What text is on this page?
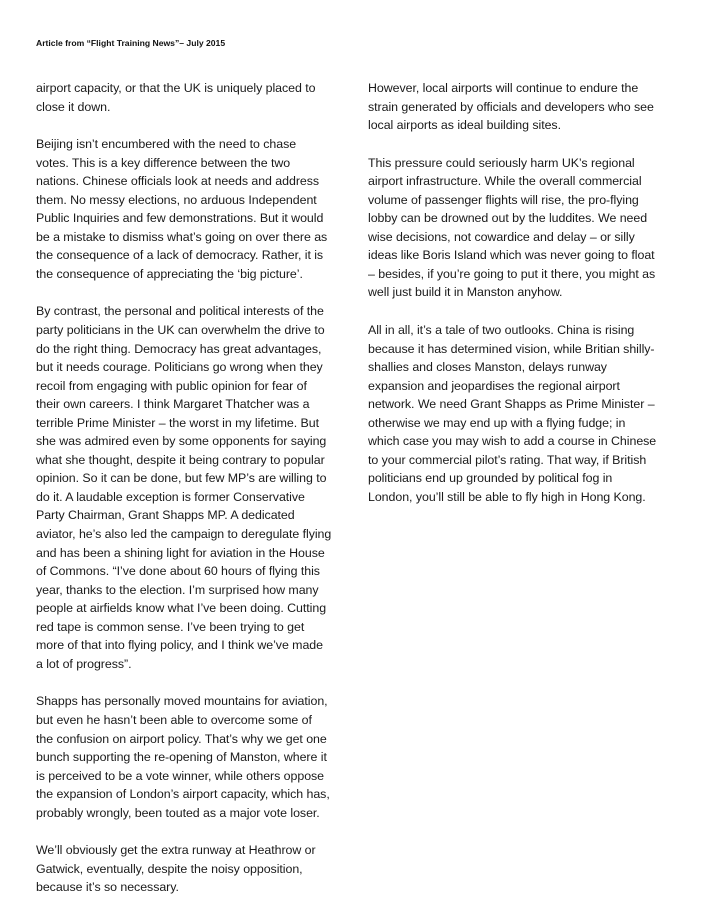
Article from “Flight Training News”– July 2015

airport capacity, or that the UK is uniquely placed to close it down.

Beijing isn’t encumbered with the need to chase votes. This is a key difference between the two nations. Chinese officials look at needs and address them. No messy elections, no arduous Independent Public Inquiries and few demonstrations. But it would be a mistake to dismiss what’s going on over there as the consequence of a lack of democracy. Rather, it is the consequence of appreciating the ‘big picture’.

By contrast, the personal and political interests of the party politicians in the UK can overwhelm the drive to do the right thing. Democracy has great advantages, but it needs courage. Politicians go wrong when they recoil from engaging with public opinion for fear of their own careers. I think Margaret Thatcher was a terrible Prime Minister – the worst in my lifetime. But she was admired even by some opponents for saying what she thought, despite it being contrary to popular opinion. So it can be done, but few MP’s are willing to do it. A laudable exception is former Conservative Party Chairman, Grant Shapps MP. A dedicated aviator, he’s also led the campaign to deregulate flying and has been a shining light for aviation in the House of Commons. “I’ve done about 60 hours of flying this year, thanks to the election. I’m surprised how many people at airfields know what I’ve been doing. Cutting red tape is common sense. I’ve been trying to get more of that into flying policy, and I think we’ve made a lot of progress”.

Shapps has personally moved mountains for aviation, but even he hasn’t been able to overcome some of the confusion on airport policy. That’s why we get one bunch supporting the re-opening of Manston, where it is perceived to be a vote winner, while others oppose the expansion of London’s airport capacity, which has, probably wrongly, been touted as a major vote loser.

We’ll obviously get the extra runway at Heathrow or Gatwick, eventually, despite the noisy opposition, because it’s so necessary.

However, local airports will continue to endure the strain generated by officials and developers who see local airports as ideal building sites.

This pressure could seriously harm UK’s regional airport infrastructure. While the overall commercial volume of passenger flights will rise, the pro-flying lobby can be drowned out by the luddites. We need wise decisions, not cowardice and delay – or silly ideas like Boris Island which was never going to float – besides, if you’re going to put it there, you might as well just build it in Manston anyhow.

All in all, it’s a tale of two outlooks. China is rising because it has determined vision, while Britian shilly-shallies and closes Manston, delays runway expansion and jeopardises the regional airport network. We need Grant Shapps as Prime Minister – otherwise we may end up with a flying fudge; in which case you may wish to add a course in Chinese to your commercial pilot’s rating. That way, if British politicians end up grounded by political fog in London, you’ll still be able to fly high in Hong Kong.
